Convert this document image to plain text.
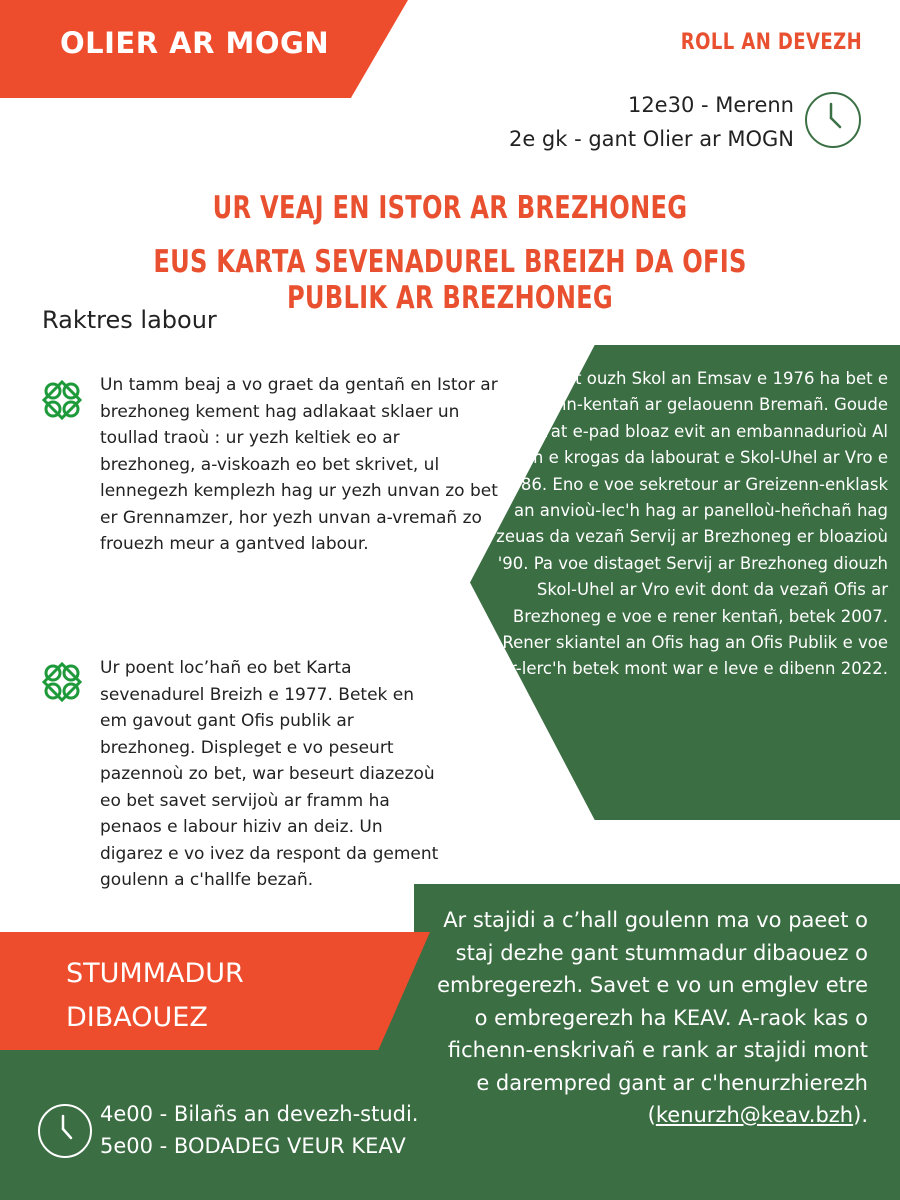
OLIER AR MOGN	ROLL AN DEVEZH
12e30 - Merenn
2e gk - gant Olier ar MOGN
UR VEAJ EN ISTOR AR BREZHONEG
EUS KARTA SEVENADUREL BREIZH DA OFIS PUBLIK AR BREZHONEG
Raktres labour
Un tamm beaj a vo graet da gentañ en Istor ar brezhoneg kement hag adlakaat sklaer un toullad traoù : ur yezh keltiek eo ar brezhoneg, a-viskoazh eo bet skrivet, ul lennegezh kemplezh hag ur yezh unvan zo bet er Grennamzer, hor yezh unvan a-vremañ zo frouezh meur a gantved labour.
Ur poent loc’hañ eo bet Karta sevenadurel Breizh e 1977. Betek en em gavout gant Ofis publik ar brezhoneg. Displeget e vo peseurt pazennoù zo bet, war beseurt diazezoù eo bet savet servijoù ar framm ha penaos e labour hiziv an deiz. Un digarez e vo ivez da respont da gement goulenn a c'hallfe bezañ.
Emezelet ouzh Skol an Emsav e 1976 ha bet e penn-kentañ ar gelaouenn Bremañ. Goude labourat e-pad bloaz evit an embannadurioù Al Liamm e krogas da labourat e Skol-Uhel ar Vro e 1986. Eno e voe sekretour ar Greizenn-enklask war an anvioù-lec'h hag ar panelloù-heñchañ hag a zeuas da vezañ Servij ar Brezhoneg er bloazioù '90. Pa voe distaget Servij ar Brezhoneg diouzh Skol-Uhel ar Vro evit dont da vezañ Ofis ar Brezhoneg e voe e rener kentañ, betek 2007. Rener skiantel an Ofis hag an Ofis Publik e voe war-lerc'h betek mont war e leve e dibenn 2022.
STUMMADUR
DIBAOUEZ
4e00 - Bilañs an devezh-studi.
5e00 - BODADEG VEUR KEAV
Ar stajidi a c’hall goulenn ma vo paeet o staj dezhe gant stummadur dibaouez o embregerezh. Savet e vo un emglev etre o embregerezh ha KEAV. A-raok kas o fichenn-enskrivañ e rank ar stajidi mont e darempred gant ar c'henurzhierezh (kenurzh@keav.bzh).
